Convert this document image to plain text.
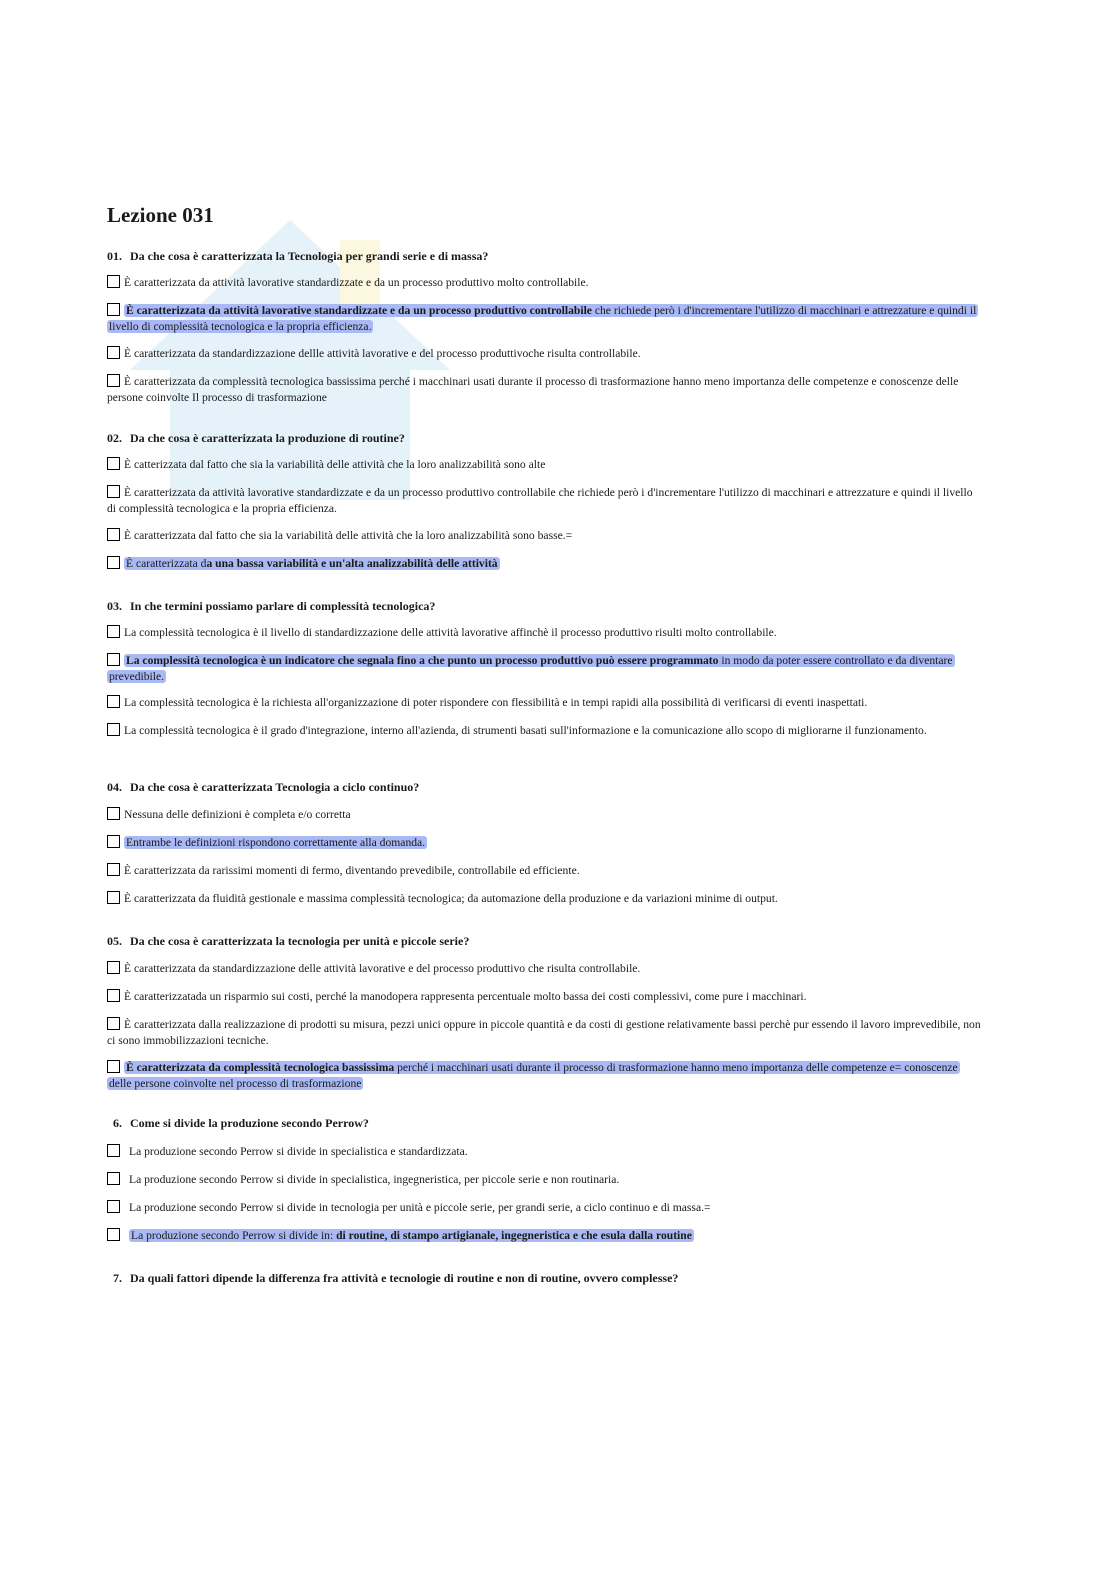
Lezione 031

01. Da che cosa è caratterizzata la Tecnologia per grandi serie e di massa?

È caratterizzata da attività lavorative standardizzate e da un processo produttivo molto controllabile.

È caratterizzata da attività lavorative standardizzate e da un processo produttivo controllabile che richiede però i d'incrementare l'utilizzo di macchinari e attrezzature e quindi il livello di complessità tecnologica e la propria efficienza.

È caratterizzata da standardizzazione dellle attività lavorative e del processo produttivoche risulta controllabile.

È caratterizzata da complessità tecnologica bassissima perché i macchinari usati durante il processo di trasformazione hanno meno importanza delle competenze e conoscenze delle persone coinvolte Il processo di trasformazione

02. Da che cosa è caratterizzata la produzione di routine?

È catterizzata dal fatto che sia la variabilità delle attività che la loro analizzabilità sono alte

È caratterizzata da attività lavorative standardizzate e da un processo produttivo controllabile che richiede però i d'incrementare l'utilizzo di macchinari e attrezzature e quindi il livello di complessità tecnologica e la propria efficienza.

È caratterizzata dal fatto che sia la variabilità delle attività che la loro analizzabilità sono basse.=

È caratterizzata da una bassa variabilità e un'alta analizzabilità delle attività

03. In che termini possiamo parlare di complessità tecnologica?

La complessità tecnologica è il livello di standardizzazione delle attività lavorative affinchè il processo produttivo risulti molto controllabile.

La complessità tecnologica è un indicatore che segnala fino a che punto un processo produttivo può essere programmato in modo da poter essere controllato e da diventare prevedibile.

La complessità tecnologica è la richiesta all'organizzazione di poter rispondere con flessibilità e in tempi rapidi alla possibilità di verificarsi di eventi inaspettati.

La complessità tecnologica è il grado d'integrazione, interno all'azienda, di strumenti basati sull'informazione e la comunicazione allo scopo di migliorarne il funzionamento.

04. Da che cosa è caratterizzata Tecnologia a ciclo continuo?

Nessuna delle definizioni è completa e/o corretta

Entrambe le definizioni rispondono correttamente alla domanda.

È caratterizzata da rarissimi momenti di fermo, diventando prevedibile, controllabile ed efficiente.

È caratterizzata da fluidità gestionale e massima complessità tecnologica; da automazione della produzione e da variazioni minime di output.

05. Da che cosa è caratterizzata la tecnologia per unità e piccole serie?

È caratterizzata da standardizzazione delle attività lavorative e del processo produttivo che risulta controllabile.

È caratterizzatada un risparmio sui costi, perché la manodopera rappresenta percentuale molto bassa dei costi complessivi, come pure i macchinari.

È caratterizzata dalla realizzazione di prodotti su misura, pezzi unici oppure in piccole quantità e da costi di gestione relativamente bassi perchè pur essendo il lavoro imprevedibile, non ci sono immobilizzazioni tecniche.

È caratterizzata da complessità tecnologica bassissima perché i macchinari usati durante il processo di trasformazione hanno meno importanza delle competenze e= conoscenze delle persone coinvolte nel processo di trasformazione

6. Come si divide la produzione secondo Perrow?

La produzione secondo Perrow si divide in specialistica e standardizzata.

La produzione secondo Perrow si divide in specialistica, ingegneristica, per piccole serie e non routinaria.

La produzione secondo Perrow si divide in tecnologia per unità e piccole serie, per grandi serie, a ciclo continuo e di massa.=

La produzione secondo Perrow si divide in: di routine, di stampo artigianale, ingegneristica e che esula dalla routine

7. Da quali fattori dipende la differenza fra attività e tecnologie di routine e non di routine, ovvero complesse?
